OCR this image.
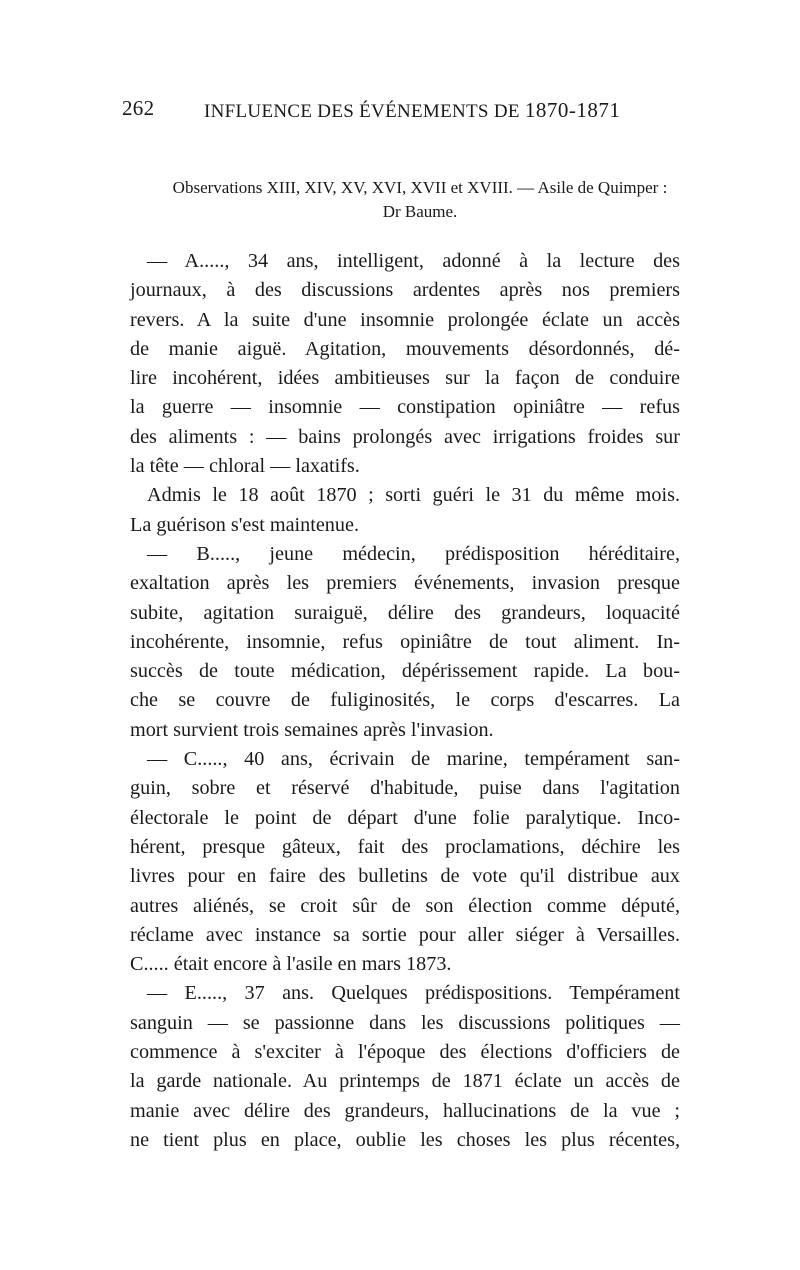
262	INFLUENCE DES ÉVÉNEMENTS DE 1870-1871
Observations XIII, XIV, XV, XVI, XVII et XVIII. — Asile de Quimper :
Dr Baume.
— A....., 34 ans, intelligent, adonné à la lecture des
journaux, à des discussions ardentes après nos premiers
revers. A la suite d'une insomnie prolongée éclate un accès
de manie aiguë. Agitation, mouvements désordonnés, dé-
lire incohérent, idées ambitieuses sur la façon de conduire
la guerre — insomnie — constipation opiniâtre — refus
des aliments : — bains prolongés avec irrigations froides sur
la tête — chloral — laxatifs.
Admis le 18 août 1870 ; sorti guéri le 31 du même mois.
La guérison s'est maintenue.
— B....., jeune médecin, prédisposition héréditaire,
exaltation après les premiers événements, invasion presque
subite, agitation suraiguë, délire des grandeurs, loquacité
incohérente, insomnie, refus opiniâtre de tout aliment. In-
succès de toute médication, dépérissement rapide. La bou-
che se couvre de fuliginosités, le corps d'escarres. La
mort survient trois semaines après l'invasion.
— C....., 40 ans, écrivain de marine, tempérament san-
guin, sobre et réservé d'habitude, puise dans l'agitation
électorale le point de départ d'une folie paralytique. Inco-
hérent, presque gâteux, fait des proclamations, déchire les
livres pour en faire des bulletins de vote qu'il distribue aux
autres aliénés, se croit sûr de son élection comme député,
réclame avec instance sa sortie pour aller siéger à Versailles.
C..... était encore à l'asile en mars 1873.
— E....., 37 ans. Quelques prédispositions. Tempérament
sanguin — se passionne dans les discussions politiques —
commence à s'exciter à l'époque des élections d'officiers de
la garde nationale. Au printemps de 1871 éclate un accès de
manie avec délire des grandeurs, hallucinations de la vue ;
ne tient plus en place, oublie les choses les plus récentes,
